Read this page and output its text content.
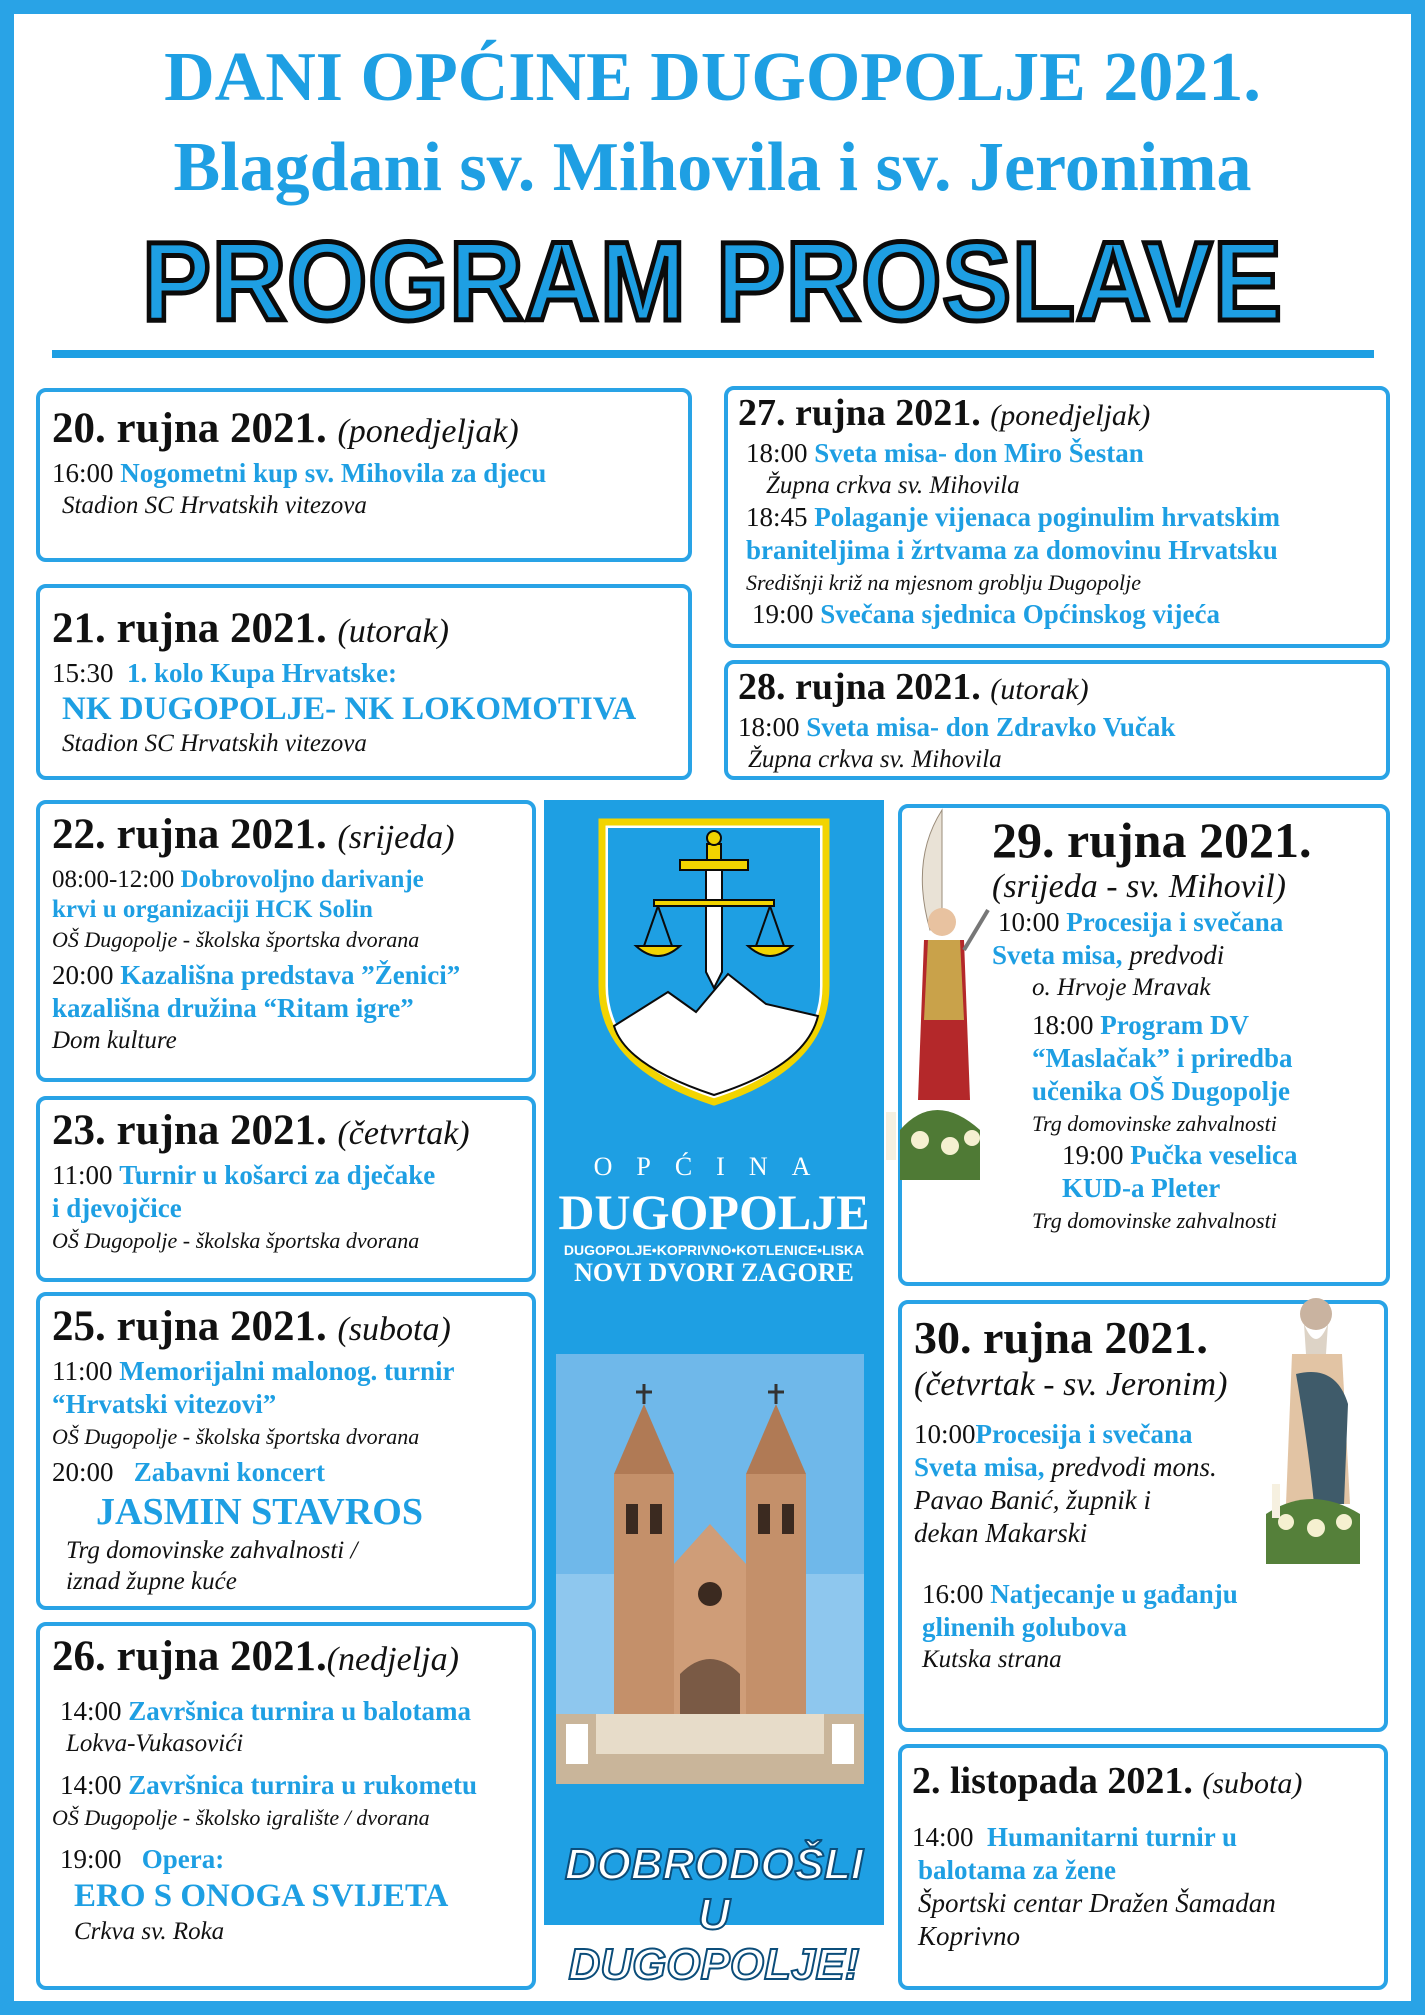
DANI OPĆINE DUGOPOLJE 2021.
Blagdani sv. Mihovila i sv. Jeronima
PROGRAM PROSLAVE
20. rujna 2021. (ponedjeljak)
16:00 Nogometni kup sv. Mihovila za djecu
Stadion SC Hrvatskih vitezova
21. rujna 2021. (utorak)
15:30 1. kolo Kupa Hrvatske:
NK DUGOPOLJE- NK LOKOMOTIVA
Stadion SC Hrvatskih vitezova
22. rujna 2021. (srijeda)
08:00-12:00 Dobrovoljno darivanje
krvi u organizaciji HCK Solin
OŠ Dugopolje - školska športska dvorana
20:00 Kazališna predstava ”Ženici”
kazališna družina “Ritam igre”
Dom kulture
23. rujna 2021. (četvrtak)
11:00 Turnir u košarci za dječake
i djevojčice
OŠ Dugopolje - školska športska dvorana
25. rujna 2021. (subota)
11:00 Memorijalni malonog. turnir
“Hrvatski vitezovi”
OŠ Dugopolje - školska športska dvorana
20:00 Zabavni koncert
JASMIN STAVROS
Trg domovinske zahvalnosti /
iznad župne kuće
26. rujna 2021.(nedjelja)
14:00 Završnica turnira u balotama
Lokva-Vukasovići
14:00 Završnica turnira u rukometu
OŠ Dugopolje - školsko igralište / dvorana
19:00 Opera:
ERO S ONOGA SVIJETA
Crkva sv. Roka
27. rujna 2021. (ponedjeljak)
18:00 Sveta misa- don Miro Šestan
Župna crkva sv. Mihovila
18:45 Polaganje vijenaca poginulim hrvatskim
braniteljima i žrtvama za domovinu Hrvatsku
Središnji križ na mjesnom groblju Dugopolje
19:00 Svečana sjednica Općinskog vijeća
28. rujna 2021. (utorak)
18:00 Sveta misa- don Zdravko Vučak
Župna crkva sv. Mihovila
OPĆINA
DUGOPOLJE
DUGOPOLJE•KOPRIVNO•KOTLENICE•LISKA
NOVI DVORI ZAGORE
DOBRODOŠLI U
DUGOPOLJE!
29. rujna 2021.
(srijeda - sv. Mihovil)
10:00 Procesija i svečana
Sveta misa, predvodi
o. Hrvoje Mravak
18:00 Program DV
“Maslačak” i priredba
učenika OŠ Dugopolje
Trg domovinske zahvalnosti
19:00 Pučka veselica
KUD-a Pleter
Trg domovinske zahvalnosti
30. rujna 2021.
(četvrtak - sv. Jeronim)
10:00Procesija i svečana
Sveta misa, predvodi mons.
Pavao Banić, župnik i
dekan Makarski
16:00 Natjecanje u gađanju
glinenih golubova
Kutska strana
2. listopada 2021. (subota)
14:00 Humanitarni turnir u
balotama za žene
Športski centar Dražen Šamadan
Koprivno
